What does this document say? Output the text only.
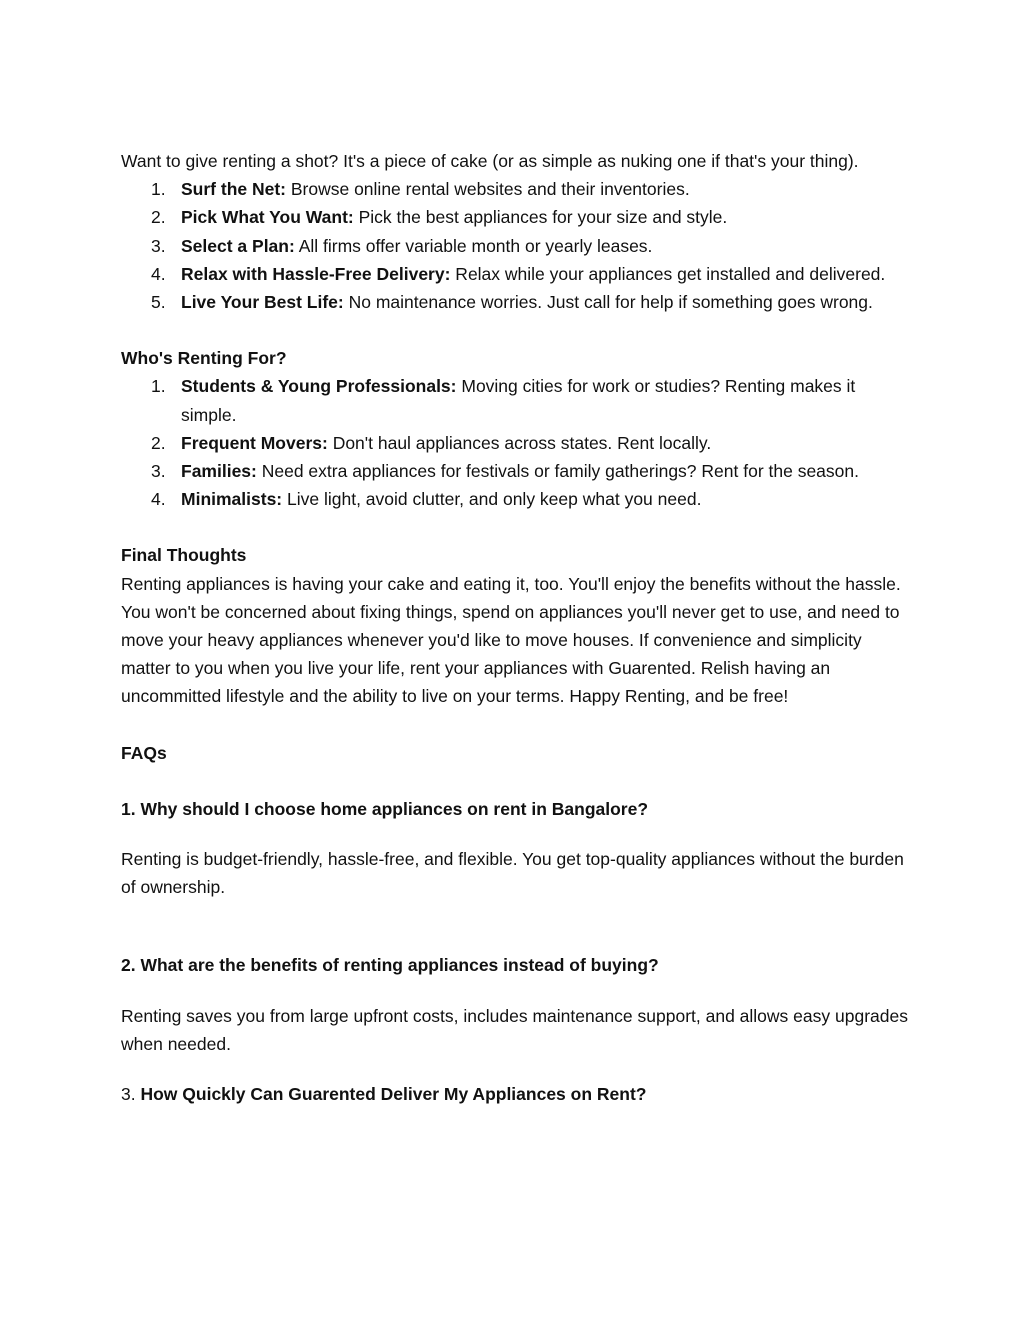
Want to give renting a shot? It's a piece of cake (or as simple as nuking one if that's your thing).

1. Surf the Net: Browse online rental websites and their inventories.
2. Pick What You Want: Pick the best appliances for your size and style.
3. Select a Plan: All firms offer variable month or yearly leases.
4. Relax with Hassle-Free Delivery: Relax while your appliances get installed and delivered.
5. Live Your Best Life: No maintenance worries. Just call for help if something goes wrong.

Who's Renting For?

1. Students & Young Professionals: Moving cities for work or studies? Renting makes it simple.
2. Frequent Movers: Don't haul appliances across states. Rent locally.
3. Families: Need extra appliances for festivals or family gatherings? Rent for the season.
4. Minimalists: Live light, avoid clutter, and only keep what you need.

Final Thoughts

Renting appliances is having your cake and eating it, too. You'll enjoy the benefits without the hassle. You won't be concerned about fixing things, spend on appliances you'll never get to use, and need to move your heavy appliances whenever you'd like to move houses. If convenience and simplicity matter to you when you live your life, rent your appliances with Guarented. Relish having an uncommitted lifestyle and the ability to live on your terms. Happy Renting, and be free!

FAQs

1. Why should I choose home appliances on rent in Bangalore?

Renting is budget-friendly, hassle-free, and flexible. You get top-quality appliances without the burden of ownership.

2. What are the benefits of renting appliances instead of buying?

Renting saves you from large upfront costs, includes maintenance support, and allows easy upgrades when needed.

3. How Quickly Can Guarented Deliver My Appliances on Rent?
